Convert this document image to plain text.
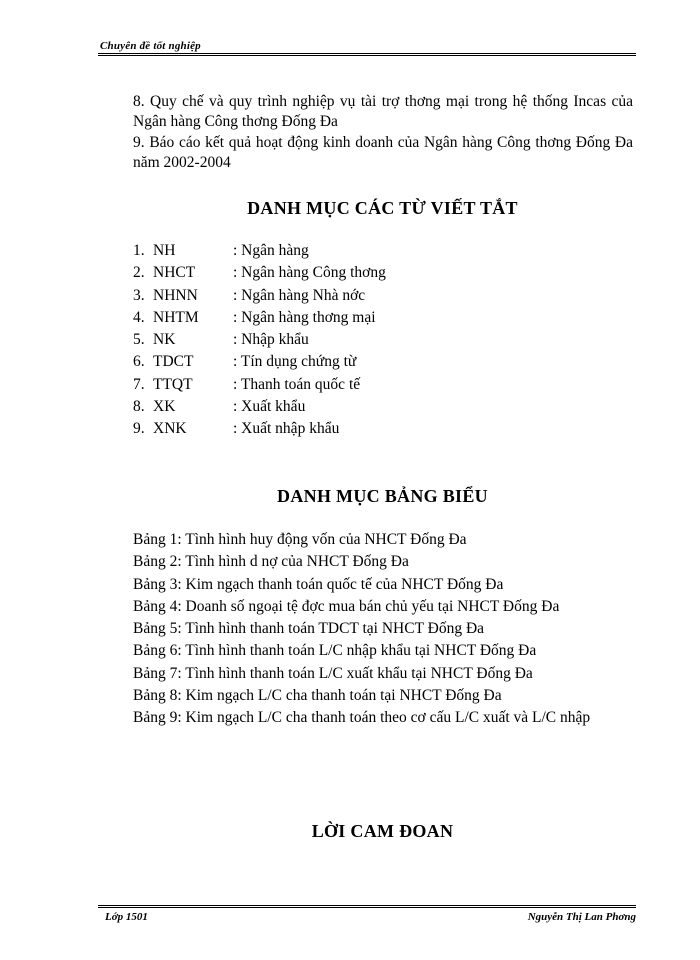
Chuyên đề tốt nghiệp
8. Quy chế và quy trình nghiệp vụ tài trợ thơng mại trong hệ thống Incas của Ngân hàng Công thơng Đống Đa
9. Báo cáo kết quả hoạt động kinh doanh của Ngân hàng Công thơng Đống Đa năm 2002-2004
DANH MỤC CÁC TỪ VIẾT TẮT
1. NH	: Ngân hàng
2. NHCT	: Ngân hàng Công thơng
3. NHNN	: Ngân hàng Nhà nớc
4. NHTM	: Ngân hàng thơng mại
5. NK	: Nhập khẩu
6. TDCT	: Tín dụng chứng từ
7. TTQT	: Thanh toán quốc tế
8. XK	: Xuất khẩu
9. XNK	: Xuất nhập khẩu
DANH MỤC BẢNG BIỂU
Bảng 1: Tình hình huy động vốn của NHCT Đống Đa
Bảng 2: Tình hình d nợ của NHCT Đống Đa
Bảng 3: Kim ngạch thanh toán quốc tế của NHCT Đống Đa
Bảng 4: Doanh số ngoại tệ đợc mua bán chủ yếu tại NHCT Đống Đa
Bảng 5: Tình hình thanh toán TDCT tại NHCT Đống Đa
Bảng 6: Tình hình thanh toán L/C nhập khẩu tại NHCT Đống Đa
Bảng 7: Tình hình thanh toán L/C xuất khẩu tại NHCT Đống Đa
Bảng 8: Kim ngạch L/C cha thanh toán tại NHCT Đống Đa
Bảng 9: Kim ngạch L/C cha thanh toán theo cơ cấu L/C xuất và L/C nhập
LỜI CAM ĐOAN
Lớp 1501	Nguyễn Thị Lan Phơng
